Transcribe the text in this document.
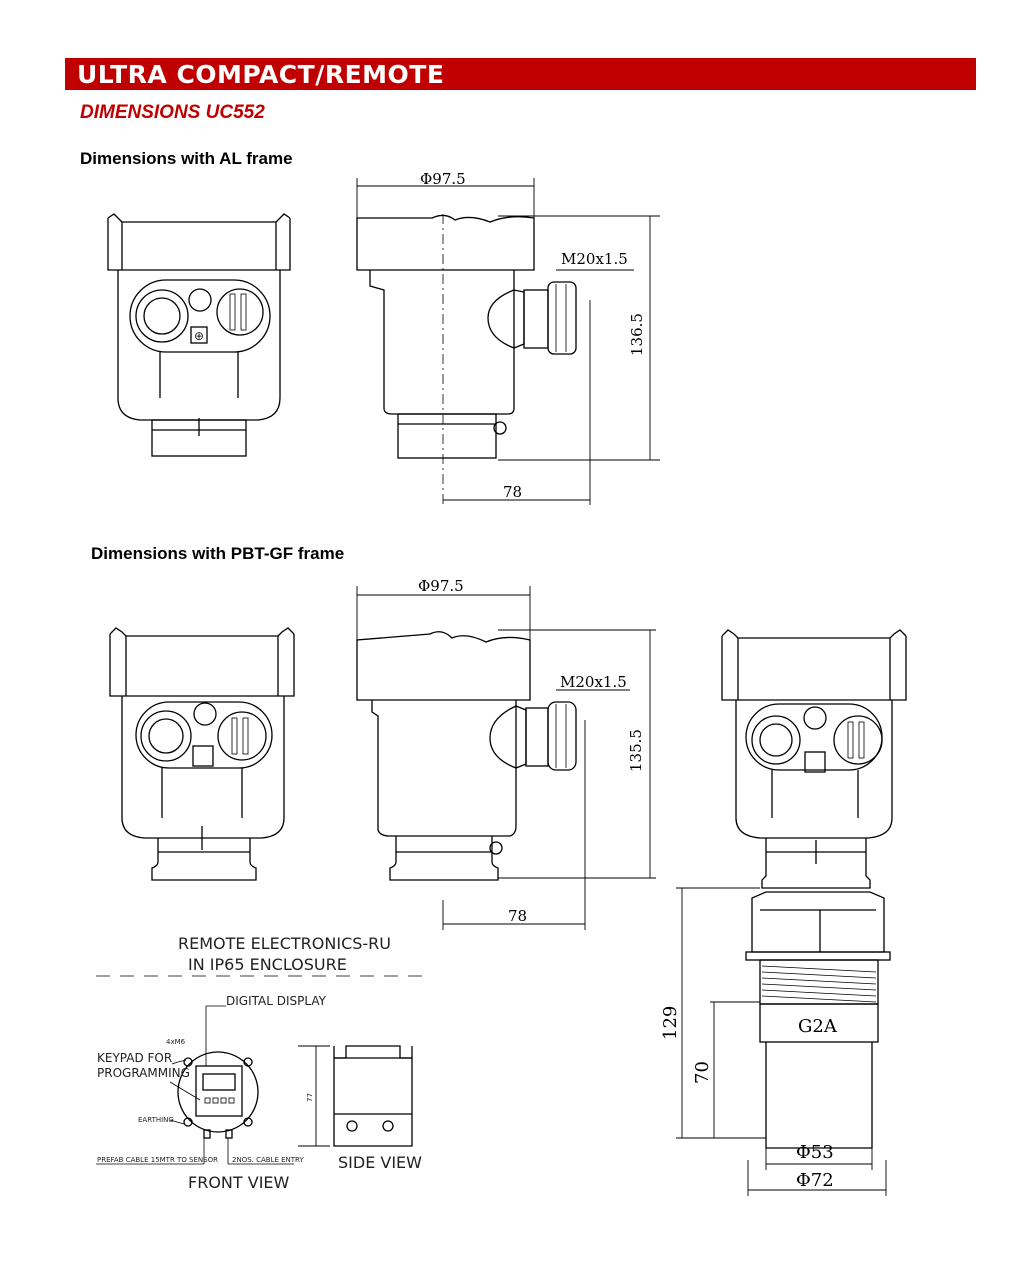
ULTRA COMPACT/REMOTE
DIMENSIONS UC552
Dimensions with AL frame
Dimensions with PBT-GF frame
⊕
Φ97.5
M20x1.5
136.5
78
Φ97.5
M20x1.5
135.5
78
129
70
G2A
Φ53
Φ72
REMOTE ELECTRONICS-RU
IN IP65 ENCLOSURE
DIGITAL DISPLAY
4xM6
KEYPAD FOR
PROGRAMMING
EARTHING
PREFAB CABLE 15MTR TO SENSOR 2NOS. CABLE ENTRY
FRONT VIEW
SIDE VIEW
77
